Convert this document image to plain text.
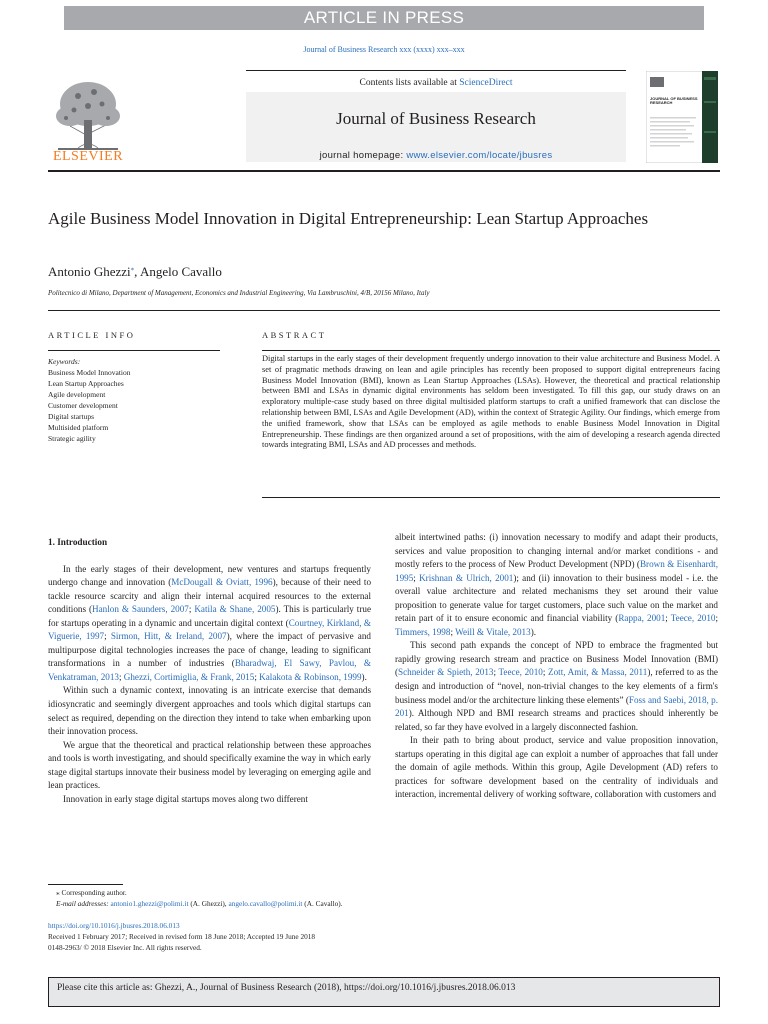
ARTICLE IN PRESS
Journal of Business Research xxx (xxxx) xxx–xxx
ELSEVIER
Contents lists available at ScienceDirect
Journal of Business Research
journal homepage: www.elsevier.com/locate/jbusres
JOURNAL OF BUSINESS RESEARCH
Agile Business Model Innovation in Digital Entrepreneurship: Lean Startup Approaches
Antonio Ghezzi⁎, Angelo Cavallo
Politecnico di Milano, Department of Management, Economics and Industrial Engineering, Via Lambruschini, 4/B, 20156 Milano, Italy
ARTICLE INFO
Keywords:
Business Model Innovation
Lean Startup Approaches
Agile development
Customer development
Digital startups
Multisided platform
Strategic agility
ABSTRACT

Digital startups in the early stages of their development frequently undergo innovation to their value architecture and Business Model. A set of pragmatic methods drawing on lean and agile principles has recently been proposed to support digital entrepreneurs facing Business Model Innovation (BMI), known as Lean Startup Approaches (LSAs). However, the theoretical and practical relationship between BMI and LSAs in dynamic digital environments has seldom been investigated. To fill this gap, our study draws on an exploratory multiple-case study based on three digital multisided platform startups to craft a unified framework that can disclose the relationship between BMI, LSAs and Agile Development (AD), within the context of Strategic Agility. Our findings, which emerge from the unified framework, show that LSAs can be employed as agile methods to enable Business Model Innovation in Digital Entrepreneurship. These findings are then organized around a set of propositions, with the aim of developing a research agenda directed towards integrating BMI, LSAs and AD processes and methods.

1. Introduction

In the early stages of their development, new ventures and startups frequently undergo change and innovation (McDougall & Oviatt, 1996), because of their need to tackle resource scarcity and align their internal acquired resources to the external conditions (Hanlon & Saunders, 2007; Katila & Shane, 2005). This is particularly true for startups operating in a dynamic and uncertain digital context (Courtney, Kirkland, & Viguerie, 1997; Sirmon, Hitt, & Ireland, 2007), where the impact of pervasive and multipurpose digital technologies increases the pace of change, leading to significant transformations in a number of industries (Bharadwaj, El Sawy, Pavlou, & Venkatraman, 2013; Ghezzi, Cortimiglia, & Frank, 2015; Kalakota & Robinson, 1999).

Within such a dynamic context, innovating is an intricate exercise that demands idiosyncratic and seemingly divergent approaches and tools which digital startups can select as required, depending on the direction they intend to take when embarking upon their innovation process.

We argue that the theoretical and practical relationship between these approaches and tools is worth investigating, and should specifically examine the way in which early stage digital startups innovate their business model by leveraging on emerging agile and lean practices.

Innovation in early stage digital startups moves along two different

albeit intertwined paths: (i) innovation necessary to modify and adapt their products, services and value proposition to changing internal and/or market conditions - and mostly refers to the process of New Product Development (NPD) (Brown & Eisenhardt, 1995; Krishnan & Ulrich, 2001); and (ii) innovation to their business model - i.e. the overall value architecture and related mechanisms they set around their value proposition to generate value for target customers, place such value on the market and retain part of it to ensure economic and financial viability (Rappa, 2001; Teece, 2010; Timmers, 1998; Weill & Vitale, 2013).

This second path expands the concept of NPD to embrace the fragmented but rapidly growing research stream and practice on Business Model Innovation (BMI) (Schneider & Spieth, 2013; Teece, 2010; Zott, Amit, & Massa, 2011), referred to as the design and introduction of “novel, non-trivial changes to the key elements of a firm's business model and/or the architecture linking these elements” (Foss and Saebi, 2018, p. 201). Although NPD and BMI research streams and practices should inherently be related, so far they have evolved in a largely disconnected fashion.

In their path to bring about product, service and value proposition innovation, startups operating in this digital age can exploit a number of approaches that fall under the domain of agile methods. Within this group, Agile Development (AD) refers to practices for software development based on the centrality of individuals and interaction, incremental delivery of working software, collaboration with customers and

⁎ Corresponding author.
E-mail addresses: antonio1.ghezzi@polimi.it (A. Ghezzi), angelo.cavallo@polimi.it (A. Cavallo).
https://doi.org/10.1016/j.jbusres.2018.06.013
Received 1 February 2017; Received in revised form 18 June 2018; Accepted 19 June 2018
0148-2963/ © 2018 Elsevier Inc. All rights reserved.
Please cite this article as: Ghezzi, A., Journal of Business Research (2018), https://doi.org/10.1016/j.jbusres.2018.06.013
